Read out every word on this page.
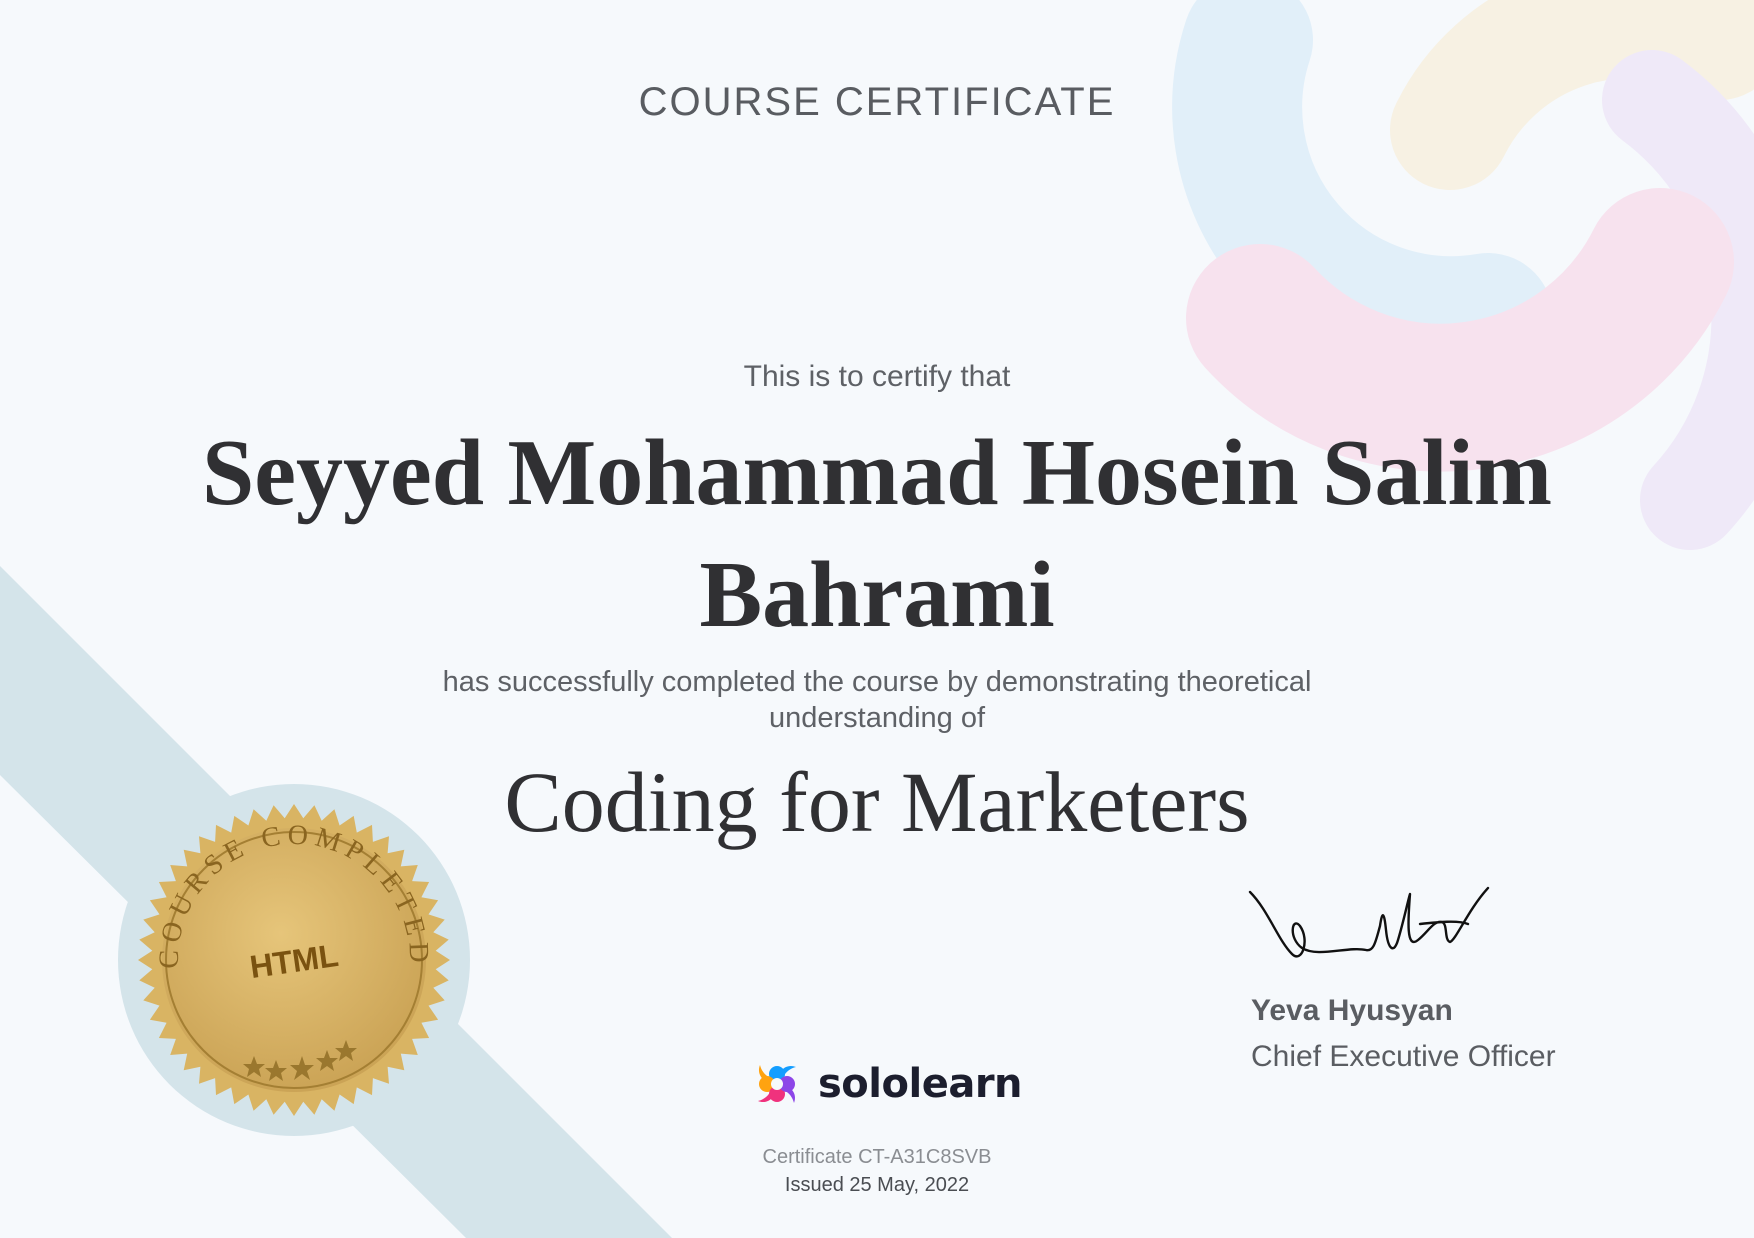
COURSE CERTIFICATE
This is to certify that
Seyyed Mohammad Hosein Salim Bahrami
has successfully completed the course by demonstrating theoretical understanding of
Coding for Marketers
COURSE COMPLETED
HTML
Yeva Hyusyan
Chief Executive Officer
sololearn
Certificate CT-A31C8SVB
Issued 25 May, 2022
